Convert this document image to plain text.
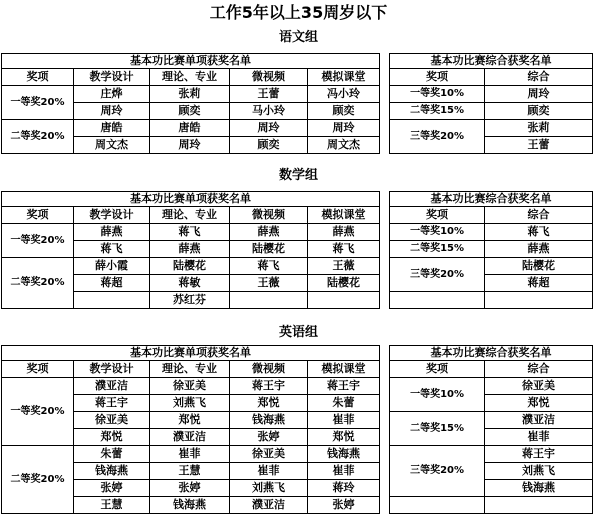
工作5年以上35周岁以下
语文组
基本功比赛单项获奖名单						基本功比赛综合获奖名单	
奖项	教学设计	理论、专业	微视频	模拟课堂		奖项	综合
一等奖20%	庄烨	张莉	王蕾	冯小玲		一等奖10%	周玲
	周玲	顾奕	马小玲	顾奕		二等奖15%	顾奕
二等奖20%	唐皓	唐皓	周玲	周玲		三等奖20%	张莉
	周文杰	周玲	顾奕	周文杰			王蕾
数学组
基本功比赛单项获奖名单						基本功比赛综合获奖名单	
奖项	教学设计	理论、专业	微视频	模拟课堂		奖项	综合
一等奖20%	薛燕	蒋飞	薛燕	薛燕		一等奖10%	蒋飞
	蒋飞	薛燕	陆樱花	蒋飞		二等奖15%	薛燕
二等奖20%	薛小霞	陆樱花	蒋飞	王薇		三等奖20%	陆樱花
	蒋超	蒋敏	王薇	陆樱花			蒋超
		苏红芬					
英语组
基本功比赛单项获奖名单						基本功比赛综合获奖名单	
奖项	教学设计	理论、专业	微视频	模拟课堂		奖项	综合
一等奖20%	濮亚洁	徐亚美	蒋王宇	蒋王宇		一等奖10%	徐亚美
	蒋王宇	刘燕飞	郑悦	朱蕾			郑悦
	徐亚美	郑悦	钱海燕	崔菲		二等奖15%	濮亚洁
	郑悦	濮亚洁	张婷	郑悦			崔菲
二等奖20%	朱蕾	崔菲	徐亚美	钱海燕		三等奖20%	蒋王宇
	钱海燕	王慧	崔菲	崔菲			刘燕飞
	张婷	张婷	刘燕飞	蒋玲			钱海燕
	王慧	钱海燕	濮亚洁	张婷			
